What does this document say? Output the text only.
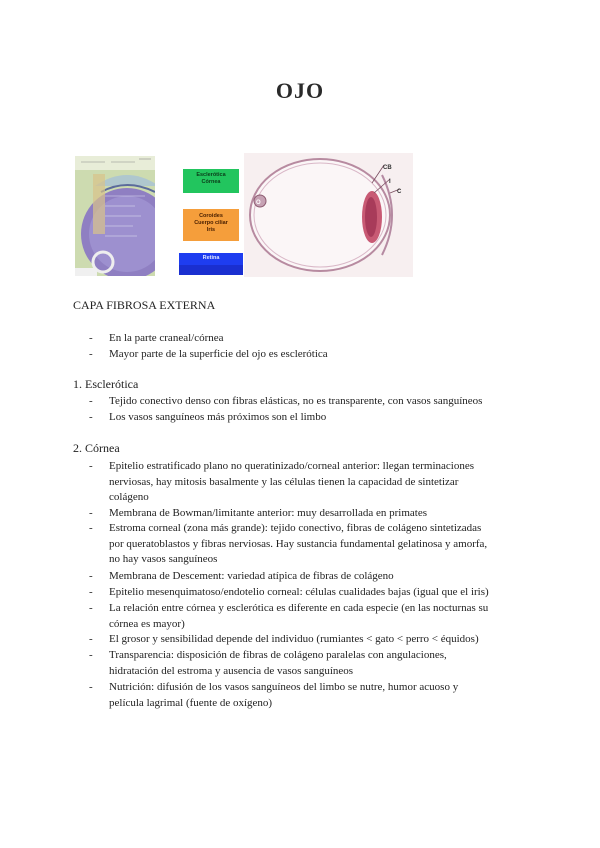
OJO
Esclerótica
Córnea
Coroides
Cuerpo ciliar
Iris
Retina
CB
I
C
O
CAPA FIBROSA EXTERNA
- En la parte craneal/córnea
- Mayor parte de la superficie del ojo es esclerótica
1. Esclerótica
- Tejido conectivo denso con fibras elásticas, no es transparente, con vasos sanguíneos
- Los vasos sanguíneos más próximos son el limbo
2. Córnea
- Epitelio estratificado plano no queratinizado/corneal anterior: llegan terminaciones
nerviosas, hay mitosis basalmente y las células tienen la capacidad de sintetizar
colágeno
- Membrana de Bowman/limitante anterior: muy desarrollada en primates
- Estroma corneal (zona más grande): tejido conectivo, fibras de colágeno sintetizadas
por queratoblastos y fibras nerviosas. Hay sustancia fundamental gelatinosa y amorfa,
no hay vasos sanguíneos
- Membrana de Descement: variedad atípica de fibras de colágeno
- Epitelio mesenquimatoso/endotelio corneal: células cualidades bajas (igual que el iris)
- La relación entre córnea y esclerótica es diferente en cada especie (en las nocturnas su
córnea es mayor)
- El grosor y sensibilidad depende del individuo (rumiantes < gato < perro < équidos)
- Transparencia: disposición de fibras de colágeno paralelas con angulaciones,
hidratación del estroma y ausencia de vasos sanguíneos
- Nutrición: difusión de los vasos sanguíneos del limbo se nutre, humor acuoso y
película lagrimal (fuente de oxígeno)
